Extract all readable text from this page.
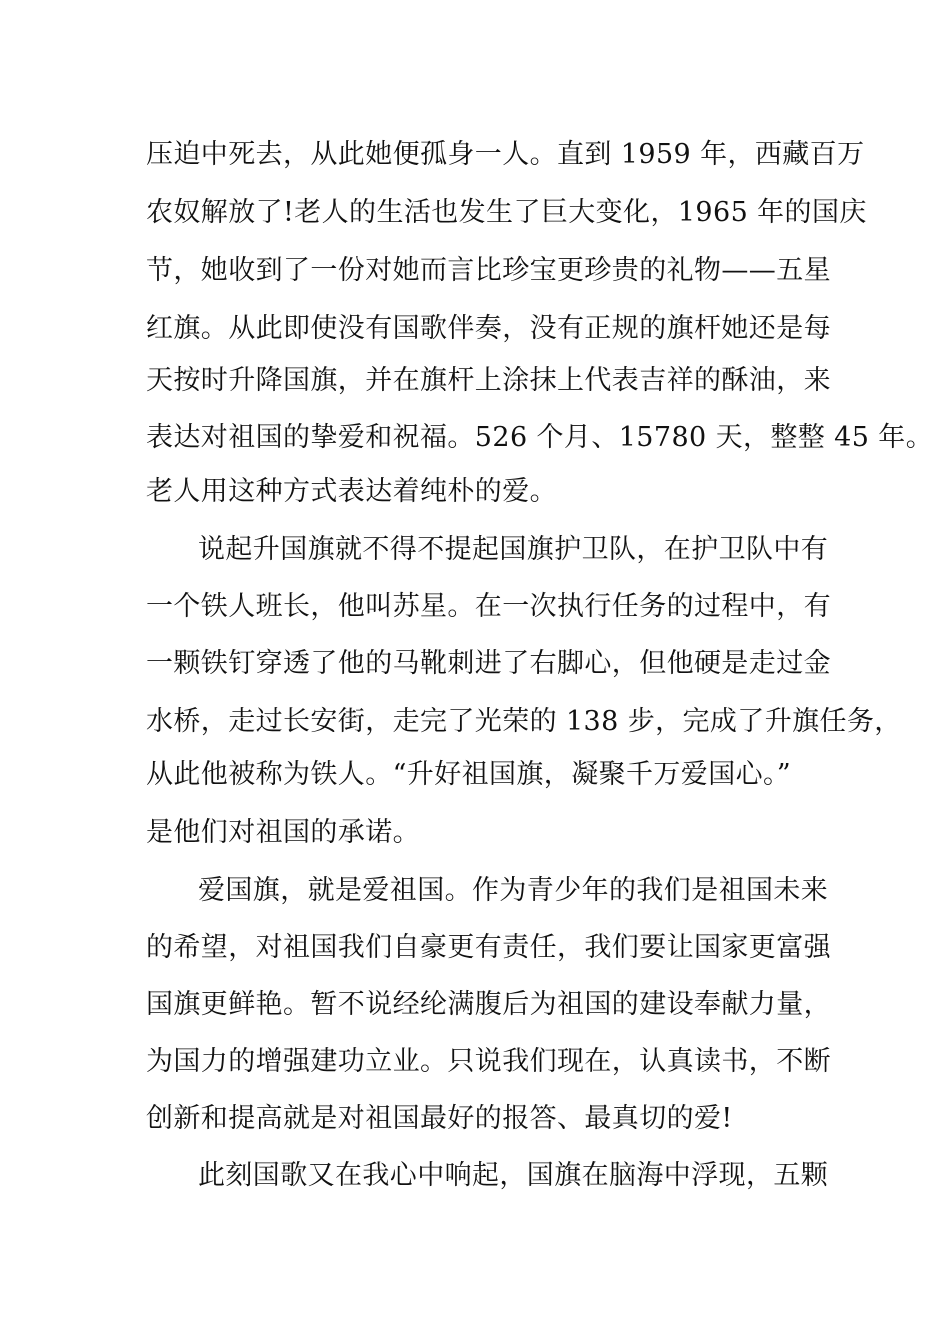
压迫中死去，从此她便孤身一人。直到 1959 年，西藏百万
农奴解放了!老人的生活也发生了巨大变化，1965 年的国庆
节，她收到了一份对她而言比珍宝更珍贵的礼物——五星
红旗。从此即使没有国歌伴奏，没有正规的旗杆她还是每
天按时升降国旗，并在旗杆上涂抹上代表吉祥的酥油，来
表达对祖国的挚爱和祝福。526 个月、15780 天，整整 45 年。
老人用这种方式表达着纯朴的爱。
说起升国旗就不得不提起国旗护卫队，在护卫队中有
一个铁人班长，他叫苏星。在一次执行任务的过程中，有
一颗铁钉穿透了他的马靴刺进了右脚心，但他硬是走过金
水桥，走过长安街，走完了光荣的 138 步，完成了升旗任务，
从此他被称为铁人。“升好祖国旗，凝聚千万爱国心。”
是他们对祖国的承诺。
爱国旗，就是爱祖国。作为青少年的我们是祖国未来
的希望，对祖国我们自豪更有责任，我们要让国家更富强
国旗更鲜艳。暂不说经纶满腹后为祖国的建设奉献力量，
为国力的增强建功立业。只说我们现在，认真读书，不断
创新和提高就是对祖国最好的报答、最真切的爱!
此刻国歌又在我心中响起，国旗在脑海中浮现，五颗
